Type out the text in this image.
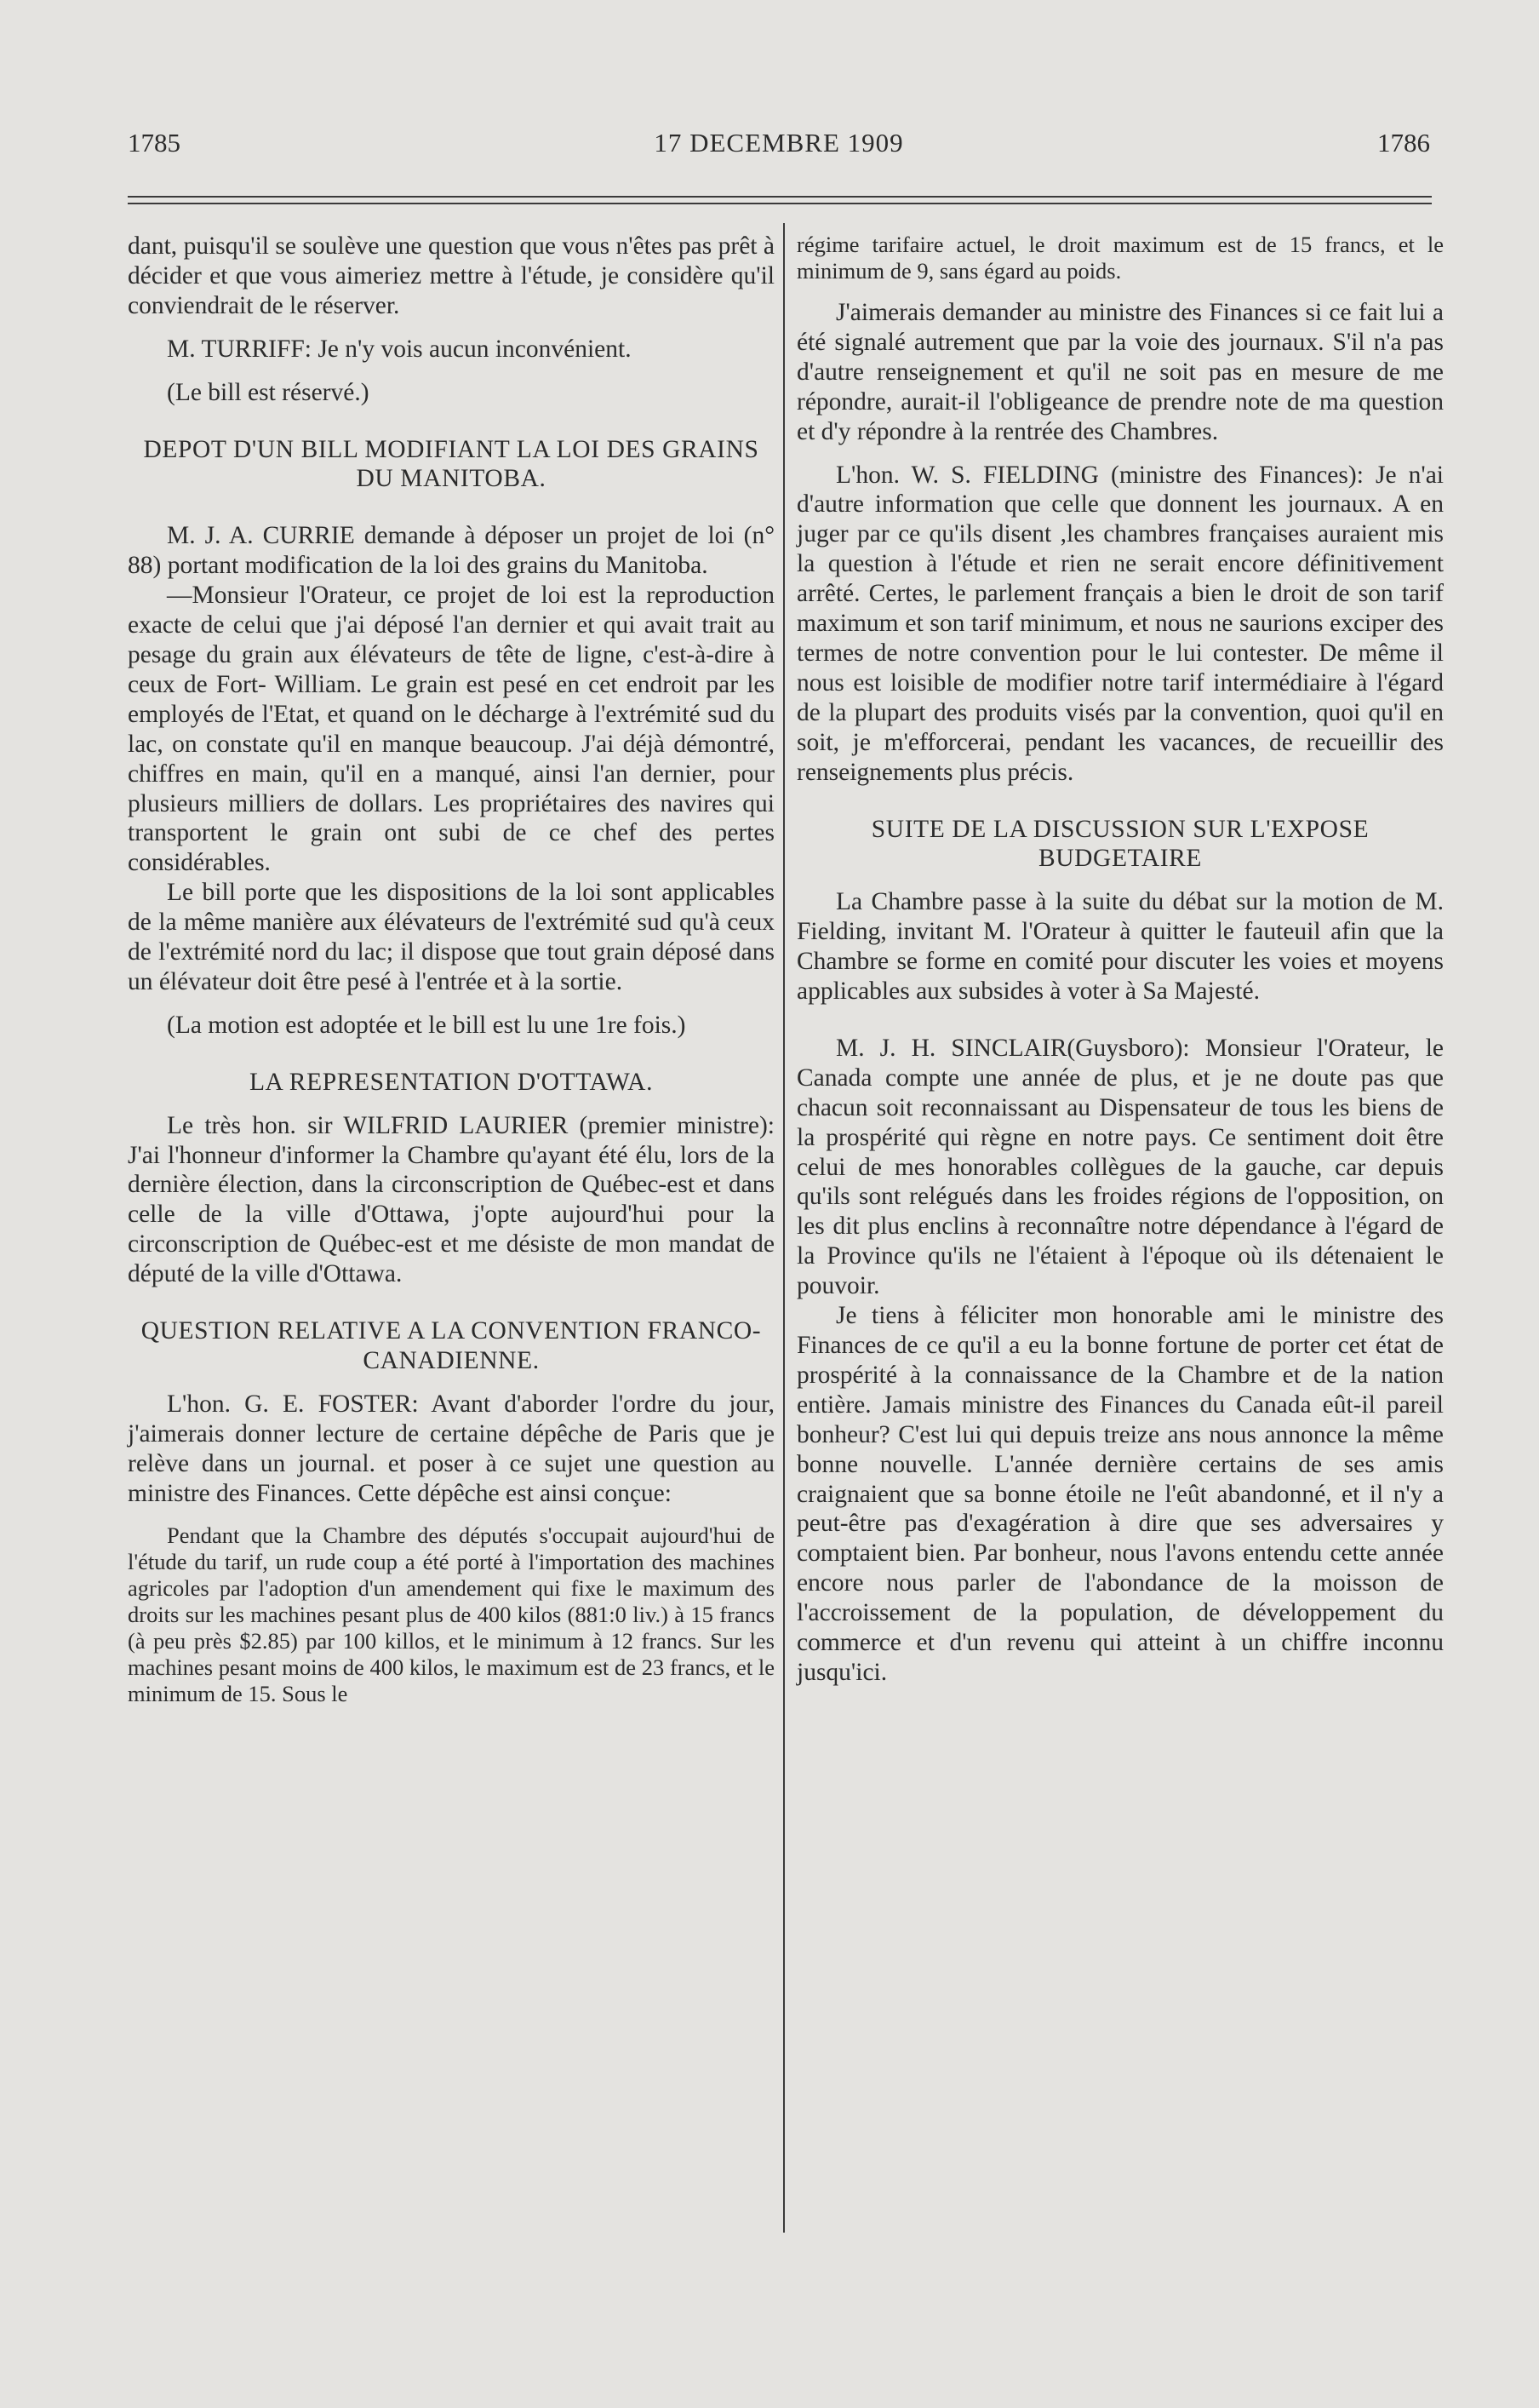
1785	17 DECEMBRE 1909	1786

dant, puisqu'il se soulève une question que vous n'êtes pas prêt à décider et que vous aimeriez mettre à l'étude, je considère qu'il conviendrait de le réserver.

M. TURRIFF: Je n'y vois aucun inconvénient.

(Le bill est réservé.)

DEPOT D'UN BILL MODIFIANT LA LOI DES GRAINS DU MANITOBA.

M. J. A. CURRIE demande à déposer un projet de loi (n° 88) portant modification de la loi des grains du Manitoba.

—Monsieur l'Orateur, ce projet de loi est la reproduction exacte de celui que j'ai déposé l'an dernier et qui avait trait au pesage du grain aux élévateurs de tête de ligne, c'est-à-dire à ceux de Fort- William. Le grain est pesé en cet endroit par les employés de l'Etat, et quand on le décharge à l'extrémité sud du lac, on constate qu'il en manque beaucoup. J'ai déjà démontré, chiffres en main, qu'il en a manqué, ainsi l'an dernier, pour plusieurs milliers de dollars. Les propriétaires des navires qui transportent le grain ont subi de ce chef des pertes considérables.

Le bill porte que les dispositions de la loi sont applicables de la même manière aux élévateurs de l'extrémité sud qu'à ceux de l'extrémité nord du lac; il dispose que tout grain déposé dans un élévateur doit être pesé à l'entrée et à la sortie.

(La motion est adoptée et le bill est lu une 1re fois.)

LA REPRESENTATION D'OTTAWA.

Le très hon. sir WILFRID LAURIER (premier ministre): J'ai l'honneur d'informer la Chambre qu'ayant été élu, lors de la dernière élection, dans la circonscription de Québec-est et dans celle de la ville d'Ottawa, j'opte aujourd'hui pour la circonscription de Québec-est et me désiste de mon mandat de député de la ville d'Ottawa.

QUESTION RELATIVE A LA CONVENTION FRANCO-CANADIENNE.

L'hon. G. E. FOSTER: Avant d'aborder l'ordre du jour, j'aimerais donner lecture de certaine dépêche de Paris que je relève dans un journal. et poser à ce sujet une question au ministre des Finances. Cette dépêche est ainsi conçue:

Pendant que la Chambre des députés s'occupait aujourd'hui de l'étude du tarif, un rude coup a été porté à l'importation des machines agricoles par l'adoption d'un amendement qui fixe le maximum des droits sur les machines pesant plus de 400 kilos (881:0 liv.) à 15 francs (à peu près $2.85) par 100 killos, et le minimum à 12 francs. Sur les machines pesant moins de 400 kilos, le maximum est de 23 francs, et le minimum de 15. Sous le

régime tarifaire actuel, le droit maximum est de 15 francs, et le minimum de 9, sans égard au poids.

J'aimerais demander au ministre des Finances si ce fait lui a été signalé autrement que par la voie des journaux. S'il n'a pas d'autre renseignement et qu'il ne soit pas en mesure de me répondre, aurait-il l'obligeance de prendre note de ma question et d'y répondre à la rentrée des Chambres.

L'hon. W. S. FIELDING (ministre des Finances): Je n'ai d'autre information que celle que donnent les journaux. A en juger par ce qu'ils disent ,les chambres françaises auraient mis la question à l'étude et rien ne serait encore définitivement arrêté. Certes, le parlement français a bien le droit de son tarif maximum et son tarif minimum, et nous ne saurions exciper des termes de notre convention pour le lui contester. De même il nous est loisible de modifier notre tarif intermédiaire à l'égard de la plupart des produits visés par la convention, quoi qu'il en soit, je m'efforcerai, pendant les vacances, de recueillir des renseignements plus précis.

SUITE DE LA DISCUSSION SUR L'EXPOSE BUDGETAIRE

La Chambre passe à la suite du débat sur la motion de M. Fielding, invitant M. l'Orateur à quitter le fauteuil afin que la Chambre se forme en comité pour discuter les voies et moyens applicables aux subsides à voter à Sa Majesté.

M. J. H. SINCLAIR(Guysboro): Monsieur l'Orateur, le Canada compte une année de plus, et je ne doute pas que chacun soit reconnaissant au Dispensateur de tous les biens de la prospérité qui règne en notre pays. Ce sentiment doit être celui de mes honorables collègues de la gauche, car depuis qu'ils sont relégués dans les froides régions de l'opposition, on les dit plus enclins à reconnaître notre dépendance à l'égard de la Province qu'ils ne l'étaient à l'époque où ils détenaient le pouvoir.

Je tiens à féliciter mon honorable ami le ministre des Finances de ce qu'il a eu la bonne fortune de porter cet état de prospérité à la connaissance de la Chambre et de la nation entière. Jamais ministre des Finances du Canada eût-il pareil bonheur? C'est lui qui depuis treize ans nous annonce la même bonne nouvelle. L'année dernière certains de ses amis craignaient que sa bonne étoile ne l'eût abandonné, et il n'y a peut-être pas d'exagération à dire que ses adversaires y comptaient bien. Par bonheur, nous l'avons entendu cette année encore nous parler de l'abondance de la moisson de l'accroissement de la population, de développement du commerce et d'un revenu qui atteint à un chiffre inconnu jusqu'ici.
